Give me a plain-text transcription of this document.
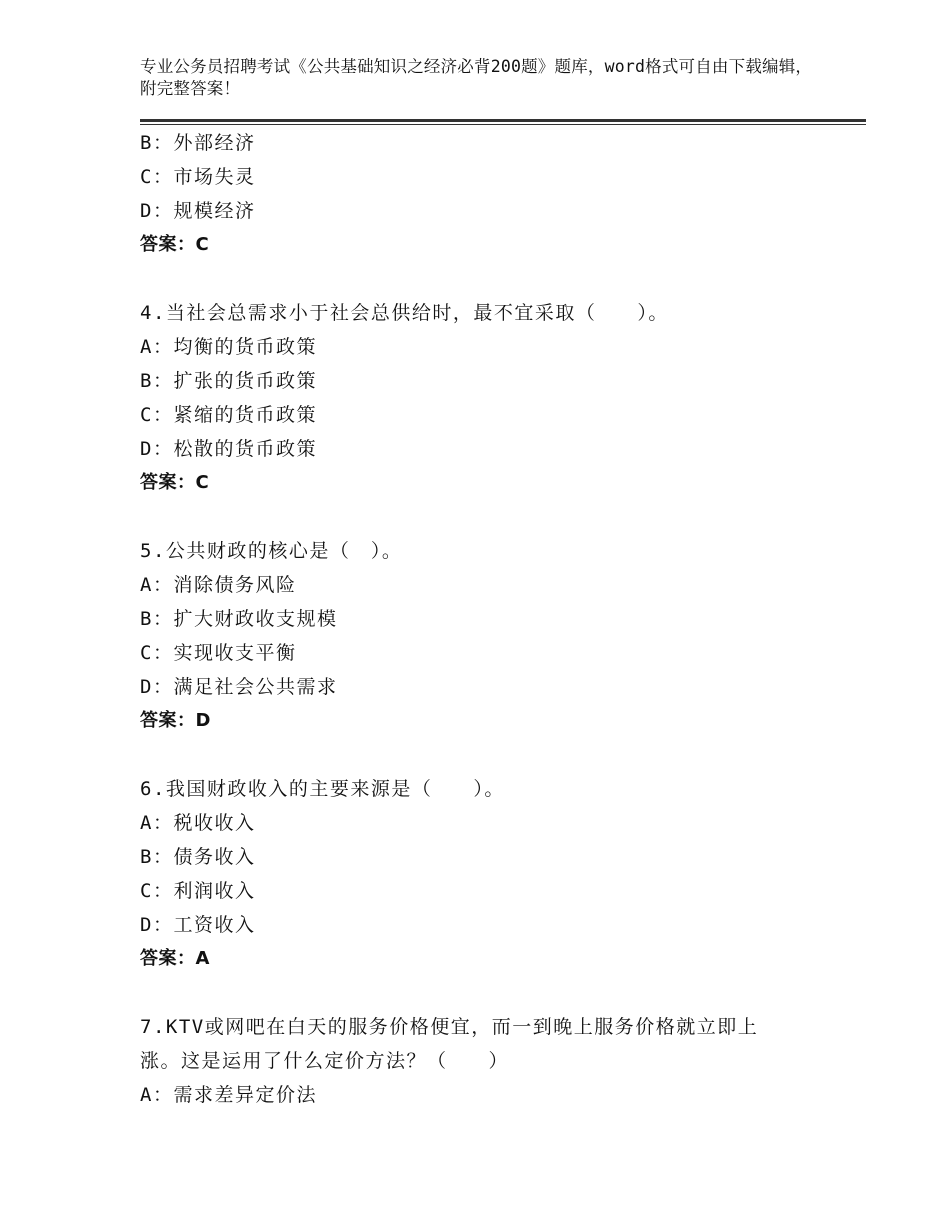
专业公务员招聘考试《公共基础知识之经济必背200题》题库，word格式可自由下载编辑，附完整答案！
B：外部经济
C：市场失灵
D：规模经济
答案：C
4.当社会总需求小于社会总供给时，最不宜采取（　　）。
A：均衡的货币政策
B：扩张的货币政策
C：紧缩的货币政策
D：松散的货币政策
答案：C
5.公共财政的核心是（　）。
A：消除债务风险
B：扩大财政收支规模
C：实现收支平衡
D：满足社会公共需求
答案：D
6.我国财政收入的主要来源是（　　）。
A：税收收入
B：债务收入
C：利润收入
D：工资收入
答案：A
7.KTV或网吧在白天的服务价格便宜，而一到晚上服务价格就立即上
涨。这是运用了什么定价方法？（　　）
A：需求差异定价法
